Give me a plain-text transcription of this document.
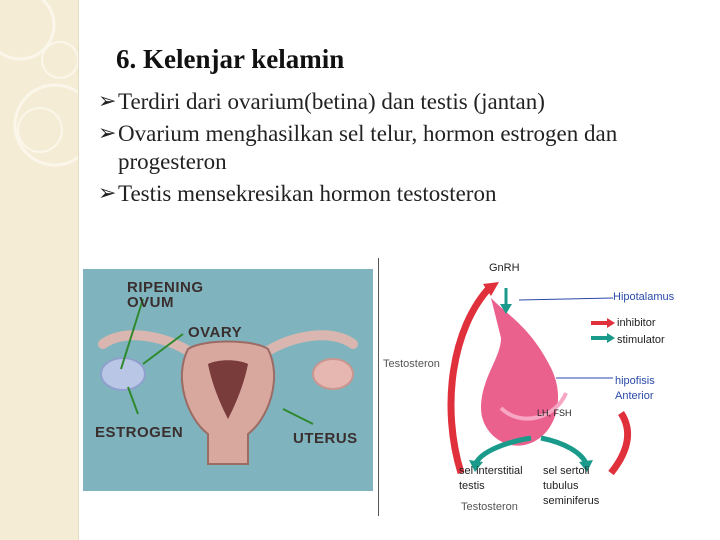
6. Kelenjar kelamin
➢ Terdiri dari ovarium(betina) dan testis (jantan)
➢ Ovarium menghasilkan sel telur, hormon estrogen dan progesteron
➢ Testis mensekresikan hormon testosteron
RIPENING
OVUM
OVARY
ESTROGEN	UTERUS
GnRH
Hipotalamus
inhibitor
stimulator
Testosteron
hipofisis
Anterior
LH, FSH
sel interstitial
testis
sel sertoli
tubulus
seminiferus
Testosteron
